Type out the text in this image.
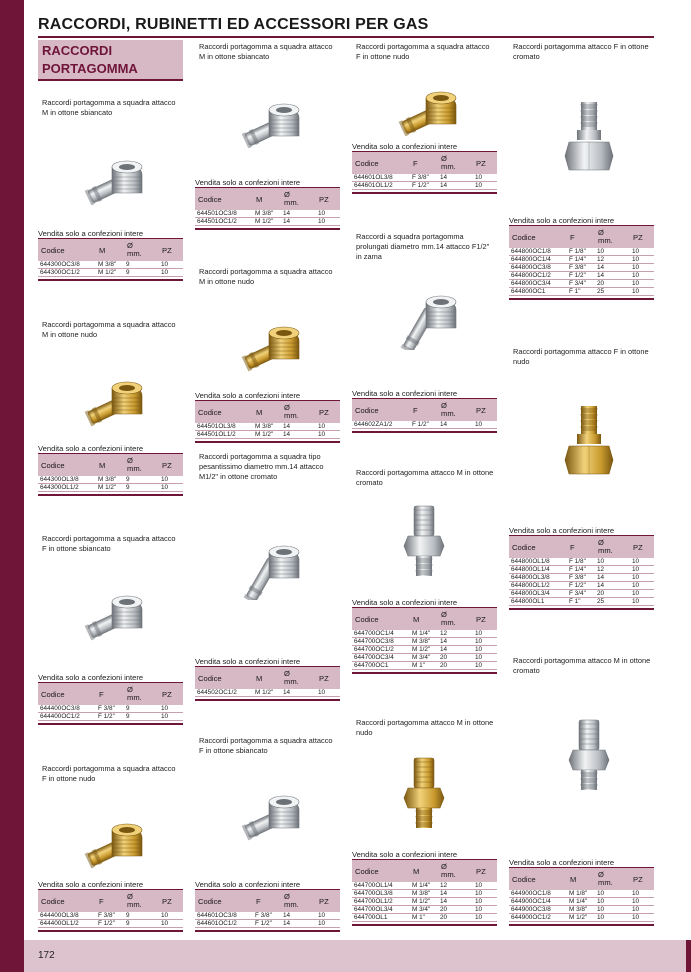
172
RACCORDI, RUBINETTI ED ACCESSORI PER GAS
RACCORDI
PORTAGOMMA
Raccordi portagomma a squadra attacco M in ottone sbiancato
Vendita solo a confezioni intere
Codice	M	Ø
mm.	PZ
644300OC3/8	M 3/8"	9	10
644300OC1/2	M 1/2"	9	10
Raccordi portagomma a squadra attacco M in ottone nudo
Vendita solo a confezioni intere
Codice	M	Ø
mm.	PZ
644300OL3/8	M 3/8"	9	10
644300OL1/2	M 1/2"	9	10
Raccordi portagomma a squadra attacco F in ottone sbiancato
Vendita solo a confezioni intere
Codice	F	Ø
mm.	PZ
644400OC3/8	F 3/8"	9	10
644400OC1/2	F 1/2"	9	10
Raccordi portagomma a squadra attacco F in ottone nudo
Vendita solo a confezioni intere
Codice	F	Ø
mm.	PZ
644400OL3/8	F 3/8"	9	10
644400OL1/2	F 1/2"	9	10
Raccordi portagomma a squadra attacco M in ottone sbiancato
Vendita solo a confezioni intere
Codice	M	Ø
mm.	PZ
644501OC3/8	M 3/8"	14	10
644501OC1/2	M 1/2"	14	10
Raccordi portagomma a squadra attacco M in ottone nudo
Vendita solo a confezioni intere
Codice	M	Ø
mm.	PZ
644501OL3/8	M 3/8"	14	10
644501OL1/2	M 1/2"	14	10
Raccordi portagomma a squadra tipo pesantissimo diametro mm.14 attacco M1/2" in ottone cromato
Vendita solo a confezioni intere
Codice	M	Ø
mm.	PZ
644502OC1/2	M 1/2"	14	10
Raccordi portagomma a squadra attacco F in ottone sbiancato
Vendita solo a confezioni intere
Codice	F	Ø
mm.	PZ
644601OC3/8	F 3/8"	14	10
644601OC1/2	F 1/2"	14	10
Raccordi portagomma a squadra attacco F in ottone nudo
Vendita solo a confezioni intere
Codice	F	Ø
mm.	PZ
644601OL3/8	F 3/8"	14	10
644601OL1/2	F 1/2"	14	10
Raccordi a squadra portagomma prolungati diametro mm.14 attacco F1/2" in zama
Vendita solo a confezioni intere
Codice	F	Ø
mm.	PZ
644602ZA1/2	F 1/2"	14	10
Raccordi portagomma attacco M in ottone cromato
Vendita solo a confezioni intere
Codice	M	Ø
mm.	PZ
644700OC1/4	M 1/4"	12	10
644700OC3/8	M 3/8"	14	10
644700OC1/2	M 1/2"	14	10
644700OC3/4	M 3/4"	20	10
644700OC1	M 1"	20	10
Raccordi portagomma attacco M in ottone nudo
Vendita solo a confezioni intere
Codice	M	Ø
mm.	PZ
644700OL1/4	M 1/4"	12	10
644700OL3/8	M 3/8"	14	10
644700OL1/2	M 1/2"	14	10
644700OL3/4	M 3/4"	20	10
644700OL1	M 1"	20	10
Raccordi portagomma attacco F in ottone cromato
Vendita solo a confezioni intere
Codice	F	Ø
mm.	PZ
644800OC1/8	F 1/8"	10	10
644800OC1/4	F 1/4"	12	10
644800OC3/8	F 3/8"	14	10
644800OC1/2	F 1/2"	14	10
644800OC3/4	F 3/4"	20	10
644800OC1	F 1"	25	10
Raccordi portagomma attacco F in ottone nudo
Vendita solo a confezioni intere
Codice	F	Ø
mm.	PZ
644800OL1/8	F 1/8"	10	10
644800OL1/4	F 1/4"	12	10
644800OL3/8	F 3/8"	14	10
644800OL1/2	F 1/2"	14	10
644800OL3/4	F 3/4"	20	10
644800OL1	F 1"	25	10
Raccordi portagomma attacco M in ottone cromato
Vendita solo a confezioni intere
Codice	M	Ø
mm.	PZ
644900OC1/8	M 1/8"	10	10
644900OC1/4	M 1/4"	10	10
644900OC3/8	M 3/8"	10	10
644900OC1/2	M 1/2"	10	10
